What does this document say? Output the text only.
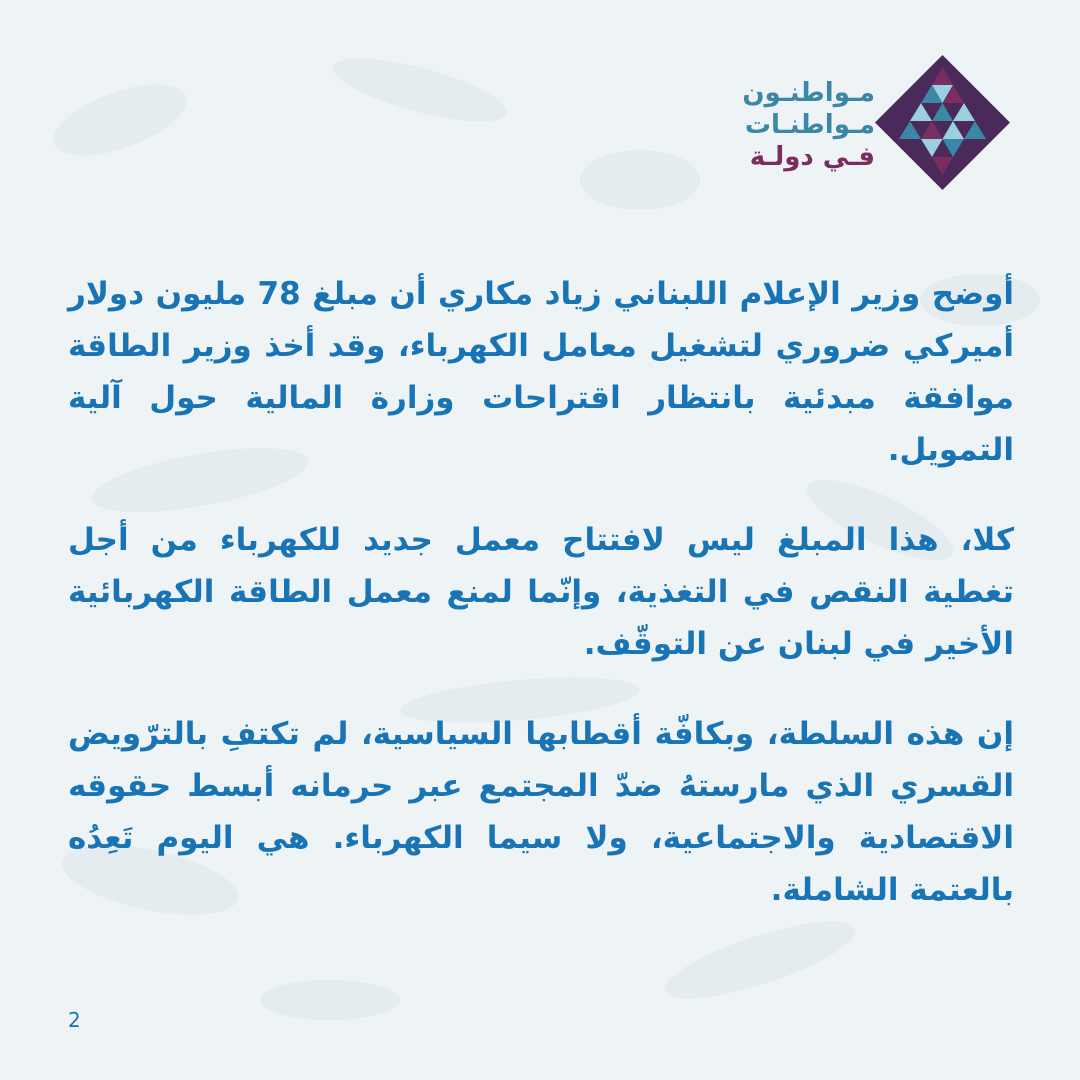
مـواطنـون
مـواطنـات
فـي دولـة

أوضح وزير الإعلام اللبناني زياد مكاري أن مبلغ 78 مليون دولار أميركي ضروري لتشغيل معامل الكهرباء، وقد أخذ وزير الطاقة موافقة مبدئية بانتظار اقتراحات وزارة المالية حول آلية التمويل.

كلا، هذا المبلغ ليس لافتتاح معمل جديد للكهرباء من أجل تغطية النقص في التغذية، وإنّما لمنع معمل الطاقة الكهربائية الأخير في لبنان عن التوقّف.

إن هذه السلطة، وبكافّة أقطابها السياسية، لم تكتفِ بالترّويض القسري الذي مارستهُ ضدّ المجتمع عبر حرمانه أبسط حقوقه الاقتصادية والاجتماعية، ولا سيما الكهرباء. هي اليوم تَعِدُه بالعتمة الشاملة.

2
